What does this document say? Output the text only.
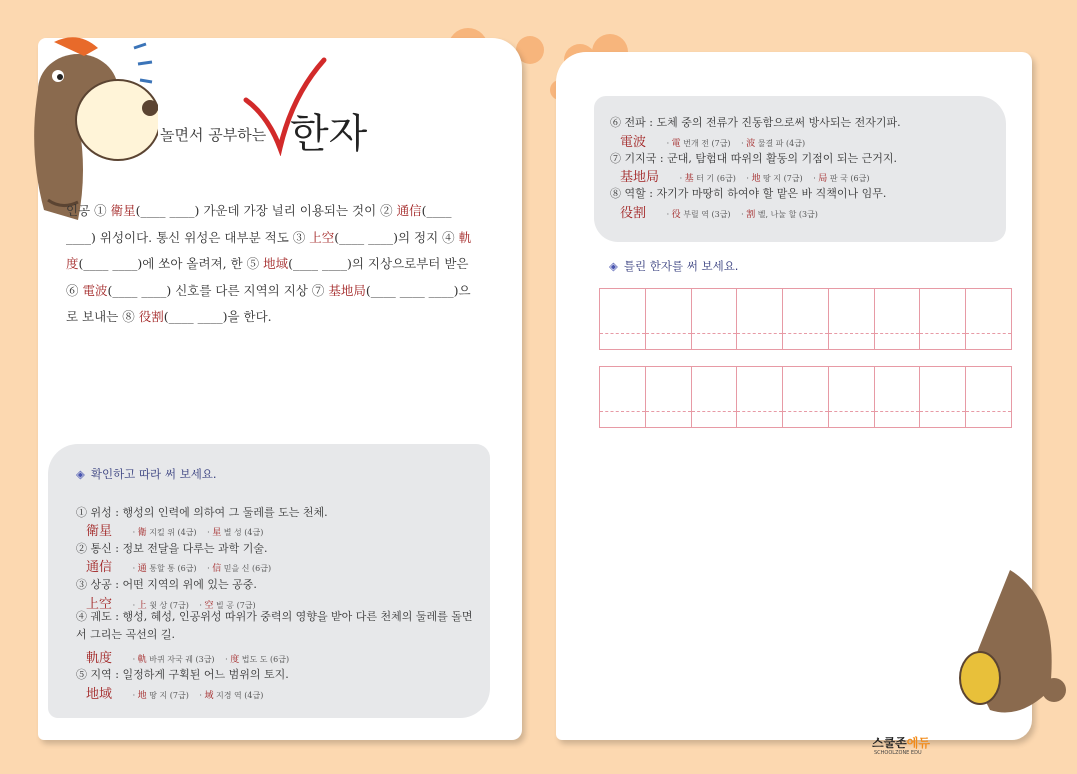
놀면서 공부하는 한자
인공 ① 衛星(____ ____) 가운데 가장 널리 이용되는 것이 ② 通信(____ ____) 위성이다. 통신 위성은 대부분 적도 ③ 上空(____ ____)의 정지 ④ 軌度(____ ____)에 쏘아 올려져, 한 ⑤ 地域(____ ____)의 지상으로부터 받은 ⑥ 電波(____ ____) 신호를 다른 지역의 지상 ⑦ 基地局(____ ____ ____)으로 보내는 ⑧ 役割(____ ____)을 한다.
◈ 확인하고 따라 써 보세요.
① 위성 : 행성의 인력에 의하여 그 둘레를 도는 천체.
衛星	· 衛 지킬 위 (4급) · 星 별 성 (4급)
② 통신 : 정보 전달을 다루는 과학 기술.
通信	· 通 통할 통 (6급) · 信 믿을 신 (6급)
③ 상공 : 어떤 지역의 위에 있는 공중.
上空	· 上 윗 상 (7급) · 空 빌 공 (7급)
④ 궤도 : 행성, 혜성, 인공위성 따위가 중력의 영향을 받아 다른 천체의 둘레를 돌면서 그리는 곡선의 길.
軌度	· 軌 바퀴 자국 궤 (3급) · 度 법도 도 (6급)
⑤ 지역 : 일정하게 구획된 어느 범위의 토지.
地域	· 地 땅 지 (7급) · 域 지경 역 (4급)
⑥ 전파 : 도체 중의 전류가 진동함으로써 방사되는 전자기파.
電波	· 電 번개 전 (7급) · 波 물결 파 (4급)
⑦ 기지국 : 군대, 탐험대 따위의 활동의 기점이 되는 근거지.
基地局	· 基 터 기 (6급) · 地 땅 지 (7급) · 局 판 국 (6급)
⑧ 역할 : 자기가 마땅히 하여야 할 맡은 바 직책이나 임무.
役割	· 役 부릴 역 (3급) · 割 벨, 나눌 할 (3급)
◈ 틀린 한자를 써 보세요.
스쿨존에듀
SCHOOLZONE EDU
